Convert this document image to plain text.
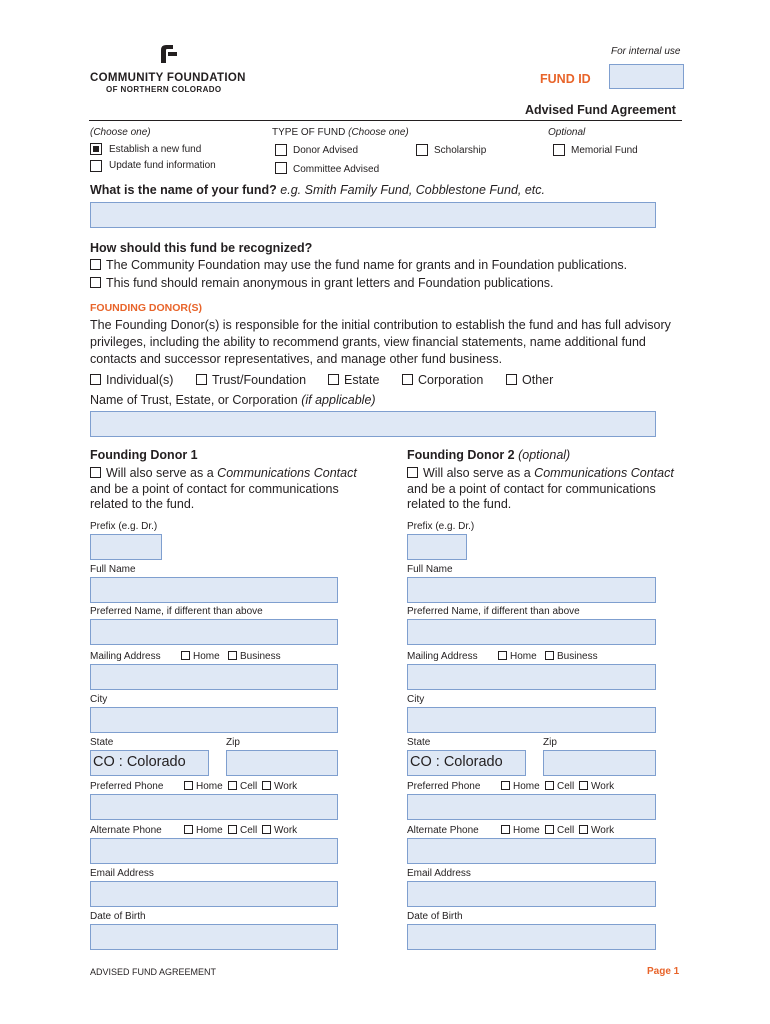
COMMUNITY FOUNDATION
OF NORTHERN COLORADO
For internal use
FUND ID
Advised Fund Agreement
(Choose one)
Establish a new fund
Update fund information
TYPE OF FUND (Choose one)
Donor Advised
Committee Advised
Scholarship
Optional
Memorial Fund
What is the name of your fund? e.g. Smith Family Fund, Cobblestone Fund, etc.
How should this fund be recognized?
The Community Foundation may use the fund name for grants and in Foundation publications.
This fund should remain anonymous in grant letters and Foundation publications.
FOUNDING DONOR(S)
The Founding Donor(s) is responsible for the initial contribution to establish the fund and has full advisory
privileges, including the ability to recommend grants, view financial statements, name additional fund
contacts and successor representatives, and manage other fund business.
Individual(s)	Trust/Foundation	Estate	Corporation	Other
Name of Trust, Estate, or Corporation (if applicable)
Founding Donor 1
Will also serve as a Communications Contact
and be a point of contact for communications
related to the fund.
Prefix (e.g. Dr.)
Full Name
Preferred Name, if different than above
Mailing Address	Home	Business
City
State	Zip
CO : Colorado
Preferred Phone	Home	Cell	Work
Alternate Phone	Home	Cell	Work
Email Address
Date of Birth
Founding Donor 2 (optional)
Will also serve as a Communications Contact
and be a point of contact for communications
related to the fund.
Prefix (e.g. Dr.)
Full Name
Preferred Name, if different than above
Mailing Address	Home	Business
City
State	Zip
CO : Colorado
Preferred Phone	Home	Cell	Work
Alternate Phone	Home	Cell	Work
Email Address
Date of Birth
ADVISED FUND AGREEMENT	Page 1
